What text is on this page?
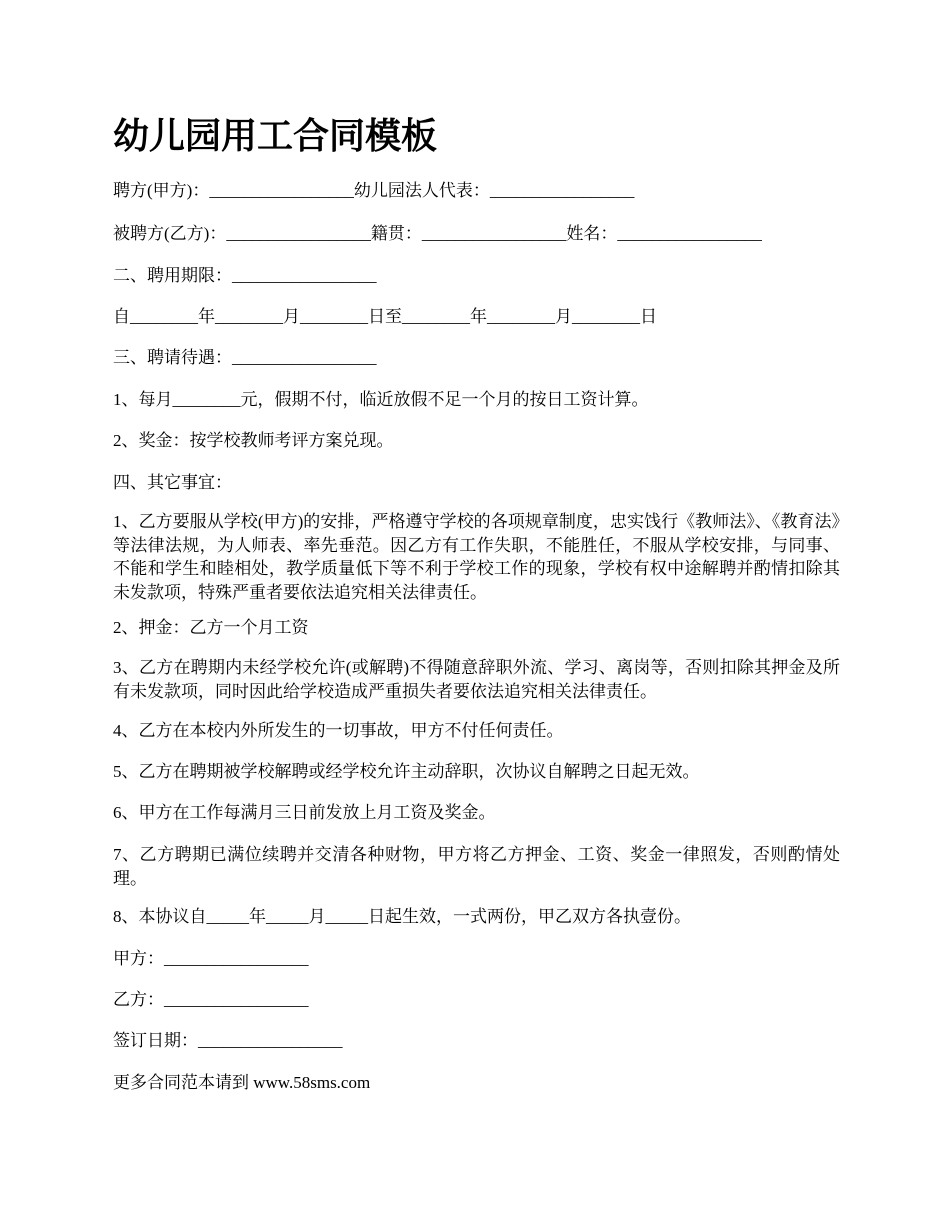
幼儿园用工合同模板

聘方(甲方)：_________________幼儿园法人代表：_________________

被聘方(乙方)：_________________籍贯：_________________姓名：_________________

二、聘用期限：_________________

自________年________月________日至________年________月________日

三、聘请待遇：_________________

1、每月________元，假期不付，临近放假不足一个月的按日工资计算。

2、奖金：按学校教师考评方案兑现。

四、其它事宜：

1、乙方要服从学校(甲方)的安排，严格遵守学校的各项规章制度，忠实饯行《教师法》、《教育法》等法律法规，为人师表、率先垂范。因乙方有工作失职，不能胜任，不服从学校安排，与同事、不能和学生和睦相处，教学质量低下等不利于学校工作的现象，学校有权中途解聘并酌情扣除其未发款项，特殊严重者要依法追究相关法律责任。

2、押金：乙方一个月工资

3、乙方在聘期内未经学校允许(或解聘)不得随意辞职外流、学习、离岗等，否则扣除其押金及所有未发款项，同时因此给学校造成严重损失者要依法追究相关法律责任。

4、乙方在本校内外所发生的一切事故，甲方不付任何责任。

5、乙方在聘期被学校解聘或经学校允许主动辞职，次协议自解聘之日起无效。

6、甲方在工作每满月三日前发放上月工资及奖金。

7、乙方聘期已满位续聘并交清各种财物，甲方将乙方押金、工资、奖金一律照发，否则酌情处理。

8、本协议自_____年_____月_____日起生效，一式两份，甲乙双方各执壹份。

甲方：_________________

乙方：_________________

签订日期：_________________

更多合同范本请到 www.58sms.com
